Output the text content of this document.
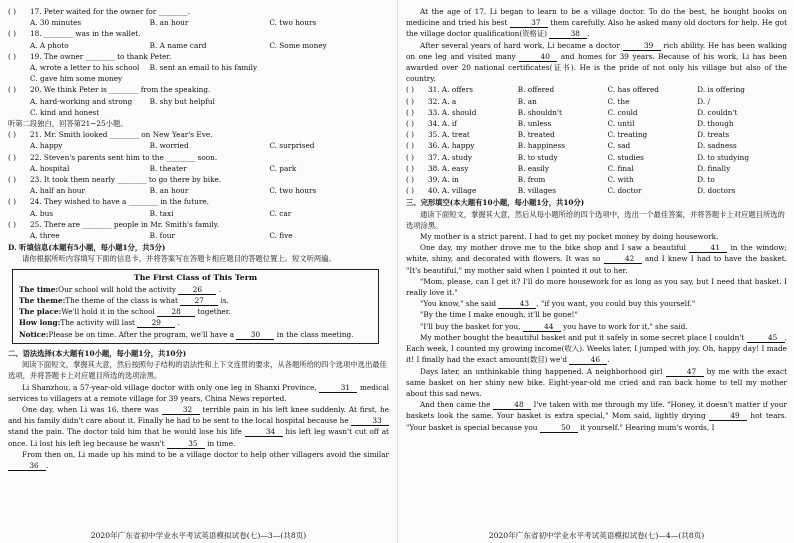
( )	17. Peter waited for the owner for ________.
A. 30 minutes	B. an hour	C. two hours
( )	18. ________ was in the wallet.
A. A photo	B. A name card	C. Some money
( )	19. The owner ________ to thank Peter.
A. wrote a letter to his school	B. sent an email to his family
C. gave him some money
( )	20. We think Peter is ________ from the speaking.
A. hard-working and strong	B. shy but helpful
C. kind and honest
听第二段独白，回答第21~25小题。
( )	21. Mr. Smith looked ________ on New Year's Eve.
A. happy	B. worried	C. surprised
( )	22. Steven's parents sent him to the ________ soon.
A. hospital	B. theater	C. park
( )	23. It took them nearly ________ to go there by bike.
A. half an hour	B. an hour	C. two hours
( )	24. They wished to have a ________ in the future.
A. bus	B. taxi	C. car
( )	25. There are ________ people in Mr. Smith's family.
A. three	B. four	C. five
D. 听填信息(本题有5小题，每小题1分，共5分)
请你根据所听内容填写下面的信息卡，并将答案写在答题卡相应题目的答题位置上。短文听两遍。
The First Class of This Term
The time:Our school will hold the activity 26 .
The theme:The theme of the class is what 27 is.
The place:We'll hold it in the school 28 together.
How long:The activity will last 29 .
Notice:Please be on time. After the program, we'll have a 30 in the class meeting.
二、语法选择(本大题有10小题，每小题1分，共10分)
阅读下面短文，掌握其大意，然后按照句子结构的语法性和上下文连贯的要求，从各题所给的四个选项中选出最佳选项，并将答题卡上对应题目所选的选项涂黑。
Li Shanzhou, a 57-year-old village doctor with only one leg in Shanxi Province,	31 medical services to villagers at a remote village for 39 years, China News reported.
One day, when Li was 16, there was	32 terrible pain in his left knee suddenly. At first, he and his family didn't care about it. Finally he had to be sent to the local hospital because he	33 stand the pain. The doctor told him that he would lose his life	34 his left leg wasn't cut off at once. Li lost his left leg because he wasn't	35 in time.
From then on, Li made up his mind to be a village doctor to help other villagers avoid the similar 36 .
2020年广东省初中学业水平考试英语模拟试卷(七)—3—(共8页)
At the age of 17, Li began to learn to be a village doctor. To do the best, he bought books on medicine and tried his best	37 them carefully. Also he asked many old doctors for help. He got the village doctor qualification(资格证)	38 .
After several years of hard work, Li became a doctor	39 rich ability. He has been walking on one leg and visited many	40 and homes for 39 years. Because of his work, Li has been awarded over 20 national certificates(证书). He is the pride of not only his village but also of the country.
( )	31. A. offers	B. offered	C. has offered	D. is offering
( )	32. A. a	B. an	C. the	D. /
( )	33. A. should	B. shouldn't	C. could	D. couldn't
( )	34. A. if	B. unless	C. until	D. though
( )	35. A. treat	B. treated	C. treating	D. treats
( )	36. A. happy	B. happiness	C. sad	D. sadness
( )	37. A. study	B. to study	C. studies	D. to studying
( )	38. A. easy	B. easily	C. final	D. finally
( )	39. A. in	B. from	C. with	D. to
( )	40. A. village	B. villages	C. doctor	D. doctors
三、完形填空(本大题有10小题，每小题1分，共10分)
通读下面短文，掌握其大意，然后从每小题所给的四个选项中，选出一个最佳答案，并将答题卡上对应题目所选的选项涂黑。
My mother is a strict parent. I had to get my pocket money by doing housework.
One day, my mother drove me to the bike shop and I saw a beautiful	41 in the window; white, shiny, and decorated with flowers. It was so	42 and I knew I had to have the basket. "It's beautiful," my mother said when I pointed it out to her.
"Mom, please, can I get it? I'll do more housework for as long as you say, but I need that basket. I really love it."
"You know," she said	43 , "if you want, you could buy this yourself."
"By the time I make enough, it'll be gone!"
"I'll buy the basket for you,	44 you have to work for it," she said.
My mother bought the beautiful basket and put it safely in some secret place I couldn't	45 . Each week, I counted my growing income(收入). Weeks later, I jumped with joy. Oh, happy day! I made it! I finally had the exact amount(数目) we'd	46 .
Days later, an unthinkable thing happened. A neighborhood girl	47 by me with the exact same basket on her shiny new bike. Eight-year-old me cried and ran back home to tell my mother about this sad news.
And then came the	48 I've taken with me through my life. "Honey, it doesn't matter if your baskets look the same. Your basket is extra special," Mom said, lightly drying	49 hot tears. "Your basket is special because you	50 it yourself." Hearing mum's words, I
2020年广东省初中学业水平考试英语模拟试卷(七)—4—(共8页)
